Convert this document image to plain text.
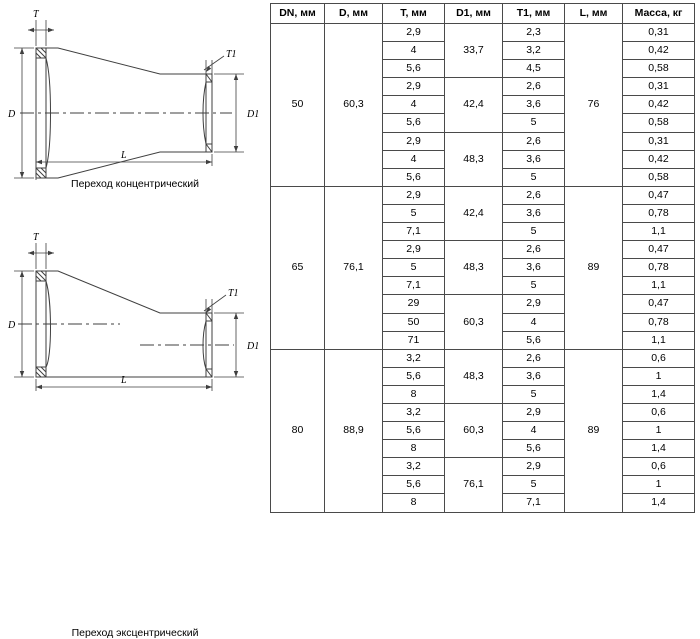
T
T1
D	D1
L
Переход концентрический
T
T1
D
D1
L
Переход эксцентрический
DN, мм	D, мм	T, мм	D1, мм	T1, мм	L, мм	Масса, кг
50	60,3	2,9	33,7	2,3	76	0,31
		4		3,2		0,42
		5,6		4,5		0,58
		2,9	42,4	2,6		0,31
		4		3,6		0,42
		5,6		5		0,58
		2,9	48,3	2,6		0,31
		4		3,6		0,42
		5,6		5		0,58
65	76,1	2,9	42,4	2,6	89	0,47
		5		3,6		0,78
		7,1		5		1,1
		2,9	48,3	2,6		0,47
		5		3,6		0,78
		7,1		5		1,1
		29	60,3	2,9		0,47
		50		4		0,78
		71		5,6		1,1
80	88,9	3,2	48,3	2,6	89	0,6
		5,6		3,6		1
		8		5		1,4
		3,2	60,3	2,9		0,6
		5,6		4		1
		8		5,6		1,4
		3,2	76,1	2,9		0,6
		5,6		5		1
		8		7,1		1,4
